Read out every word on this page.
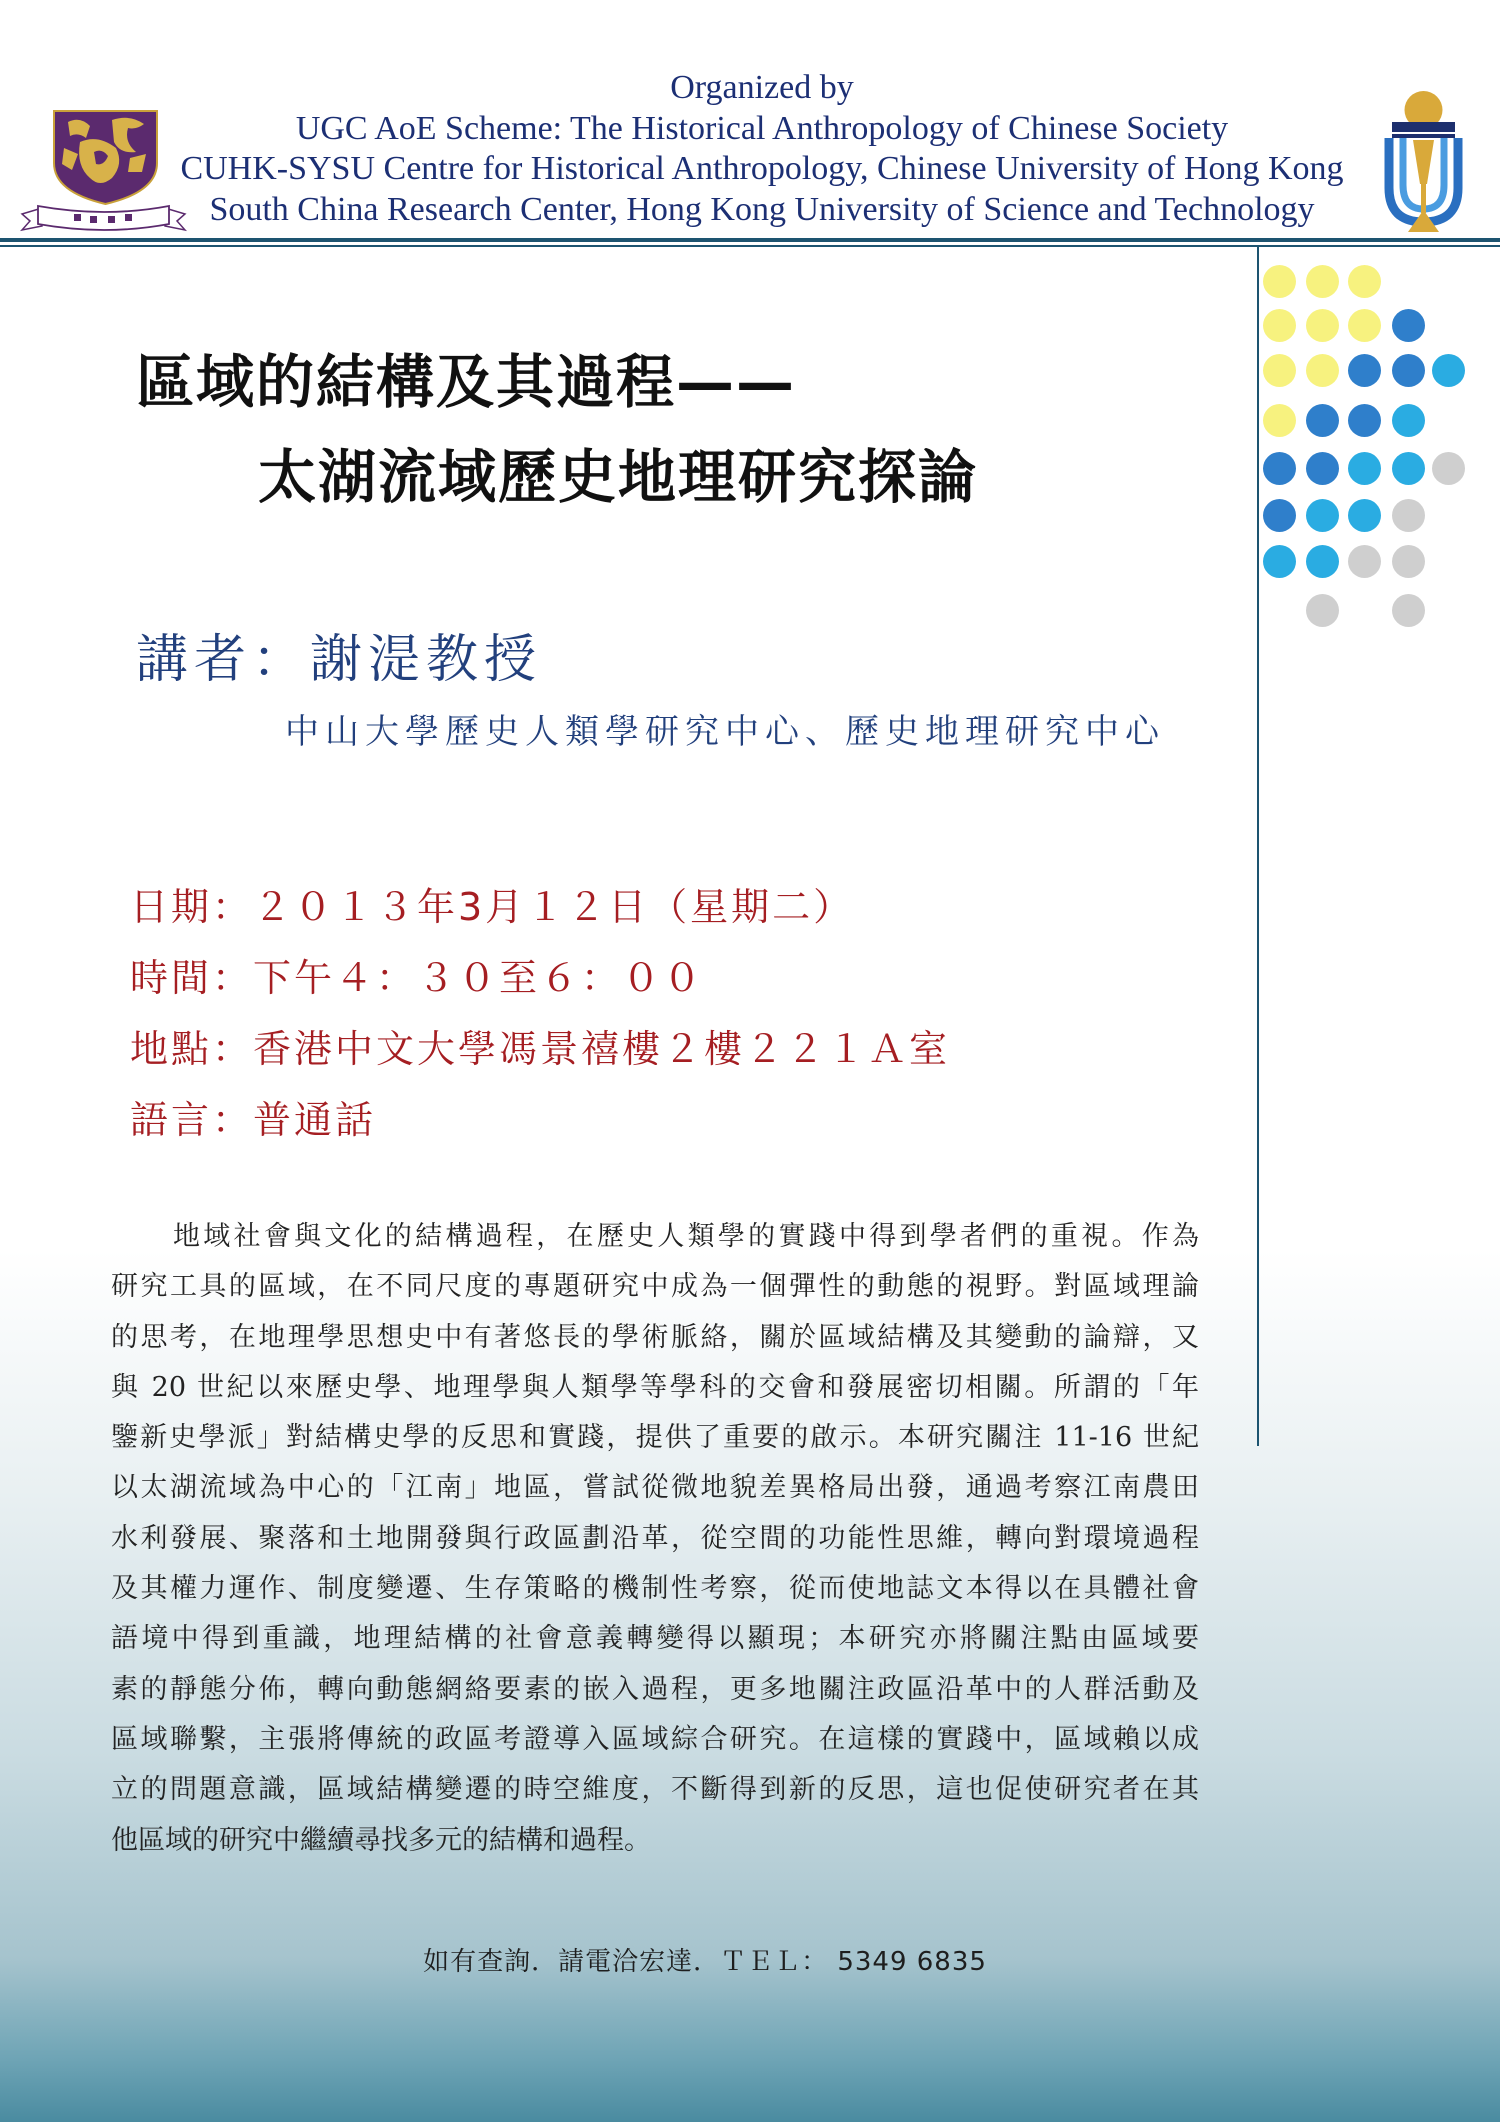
Organized by
UGC AoE Scheme: The Historical Anthropology of Chinese Society
CUHK-SYSU Centre for Historical Anthropology, Chinese University of Hong Kong
South China Research Center, Hong Kong University of Science and Technology
區域的結構及其過程——
太湖流域歷史地理研究探論
講者：謝湜教授
中山大學歷史人類學研究中心、歷史地理研究中心
日期：２０１３年3月１２日（星期二）
時間：下午４：３０至６：００
地點：香港中文大學馮景禧樓２樓２２１Ａ室
語言：普通話
地域社會與文化的結構過程，在歷史人類學的實踐中得到學者們的重視。作為
研究工具的區域，在不同尺度的專題研究中成為一個彈性的動態的視野。對區域理論
的思考，在地理學思想史中有著悠長的學術脈絡，關於區域結構及其變動的論辯，又
與 20 世紀以來歷史學、地理學與人類學等學科的交會和發展密切相關。所謂的「年
鑒新史學派」對結構史學的反思和實踐，提供了重要的啟示。本研究關注 11-16 世紀
以太湖流域為中心的「江南」地區，嘗試從微地貌差異格局出發，通過考察江南農田
水利發展、聚落和土地開發與行政區劃沿革，從空間的功能性思維，轉向對環境過程
及其權力運作、制度變遷、生存策略的機制性考察，從而使地誌文本得以在具體社會
語境中得到重識，地理結構的社會意義轉變得以顯現；本研究亦將關注點由區域要
素的靜態分佈，轉向動態網絡要素的嵌入過程，更多地關注政區沿革中的人群活動及
區域聯繫，主張將傳統的政區考證導入區域綜合研究。在這樣的實踐中，區域賴以成
立的問題意識，區域結構變遷的時空維度，不斷得到新的反思，這也促使研究者在其
他區域的研究中繼續尋找多元的結構和過程。
如有查詢．請電洽宏達．ＴＥＬ： 5349 6835
